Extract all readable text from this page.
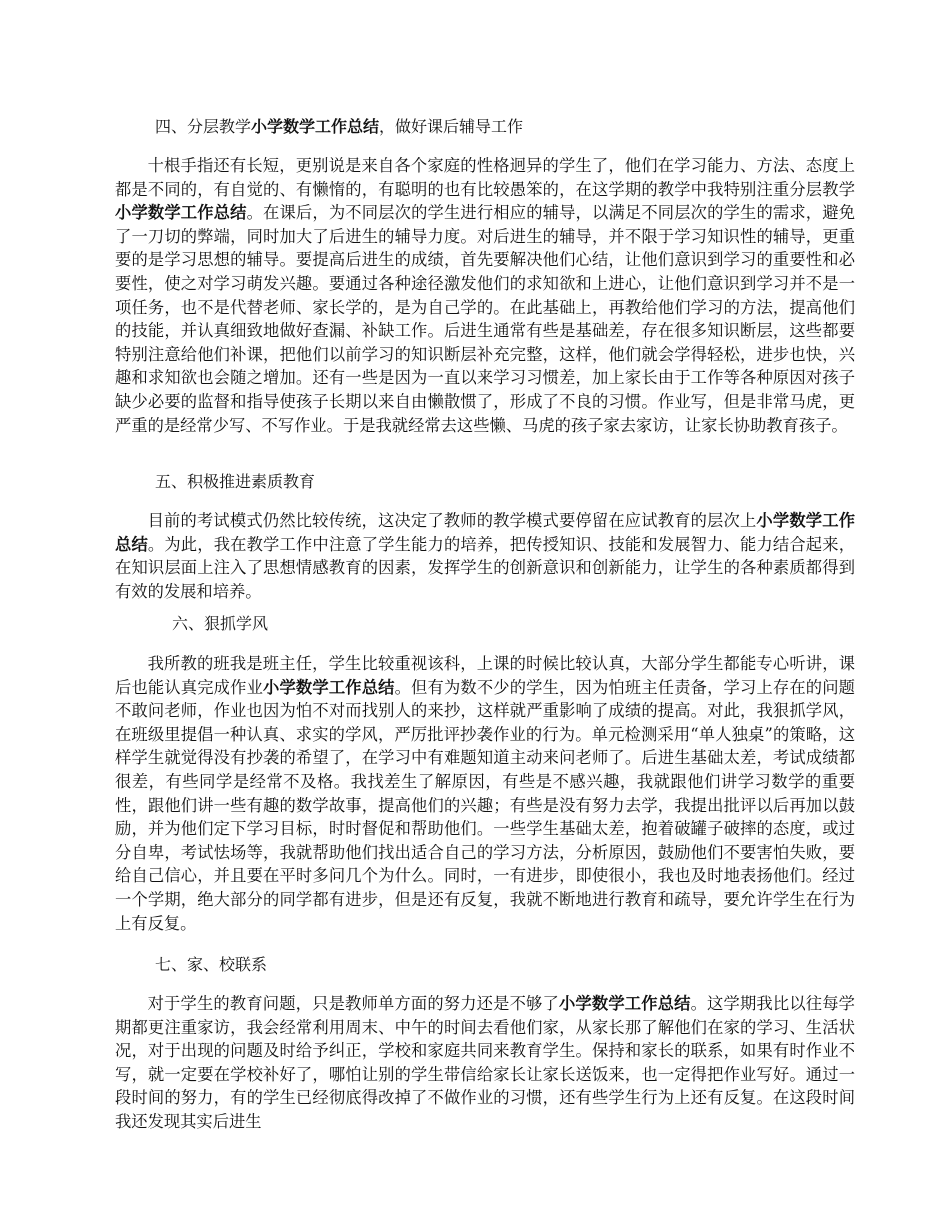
四、分层教学小学数学工作总结，做好课后辅导工作

十根手指还有长短，更别说是来自各个家庭的性格迥异的学生了，他们在学习能力、方法、态度上都是不同的，有自觉的、有懒惰的，有聪明的也有比较愚笨的，在这学期的教学中我特别注重分层教学小学数学工作总结。在课后，为不同层次的学生进行相应的辅导，以满足不同层次的学生的需求，避免了一刀切的弊端，同时加大了后进生的辅导力度。对后进生的辅导，并不限于学习知识性的辅导，更重要的是学习思想的辅导。要提高后进生的成绩，首先要解决他们心结，让他们意识到学习的重要性和必要性，使之对学习萌发兴趣。要通过各种途径激发他们的求知欲和上进心，让他们意识到学习并不是一项任务，也不是代替老师、家长学的，是为自己学的。在此基础上，再教给他们学习的方法，提高他们的技能，并认真细致地做好查漏、补缺工作。后进生通常有些是基础差，存在很多知识断层，这些都要特别注意给他们补课，把他们以前学习的知识断层补充完整，这样，他们就会学得轻松，进步也快，兴趣和求知欲也会随之增加。还有一些是因为一直以来学习习惯差，加上家长由于工作等各种原因对孩子缺少必要的监督和指导使孩子长期以来自由懒散惯了，形成了不良的习惯。作业写，但是非常马虎，更严重的是经常少写、不写作业。于是我就经常去这些懒、马虎的孩子家去家访，让家长协助教育孩子。

五、积极推进素质教育

目前的考试模式仍然比较传统，这决定了教师的教学模式要停留在应试教育的层次上小学数学工作总结。为此，我在教学工作中注意了学生能力的培养，把传授知识、技能和发展智力、能力结合起来，在知识层面上注入了思想情感教育的因素，发挥学生的创新意识和创新能力，让学生的各种素质都得到有效的发展和培养。

六、狠抓学风

我所教的班我是班主任，学生比较重视该科，上课的时候比较认真，大部分学生都能专心听讲，课后也能认真完成作业小学数学工作总结。但有为数不少的学生，因为怕班主任责备，学习上存在的问题不敢问老师，作业也因为怕不对而找别人的来抄，这样就严重影响了成绩的提高。对此，我狠抓学风，在班级里提倡一种认真、求实的学风，严厉批评抄袭作业的行为。单元检测采用“单人独桌”的策略，这样学生就觉得没有抄袭的希望了，在学习中有难题知道主动来问老师了。后进生基础太差，考试成绩都很差，有些同学是经常不及格。我找差生了解原因，有些是不感兴趣，我就跟他们讲学习数学的重要性，跟他们讲一些有趣的数学故事，提高他们的兴趣；有些是没有努力去学，我提出批评以后再加以鼓励，并为他们定下学习目标，时时督促和帮助他们。一些学生基础太差，抱着破罐子破摔的态度，或过分自卑，考试怯场等，我就帮助他们找出适合自己的学习方法，分析原因，鼓励他们不要害怕失败，要给自己信心，并且要在平时多问几个为什么。同时，一有进步，即使很小，我也及时地表扬他们。经过一个学期，绝大部分的同学都有进步，但是还有反复，我就不断地进行教育和疏导，要允许学生在行为上有反复。

七、家、校联系

对于学生的教育问题，只是教师单方面的努力还是不够了小学数学工作总结。这学期我比以往每学期都更注重家访，我会经常利用周末、中午的时间去看他们家，从家长那了解他们在家的学习、生活状况，对于出现的问题及时给予纠正，学校和家庭共同来教育学生。保持和家长的联系，如果有时作业不写，就一定要在学校补好了，哪怕让别的学生带信给家长让家长送饭来，也一定得把作业写好。通过一段时间的努力，有的学生已经彻底得改掉了不做作业的习惯，还有些学生行为上还有反复。在这段时间我还发现其实后进生
